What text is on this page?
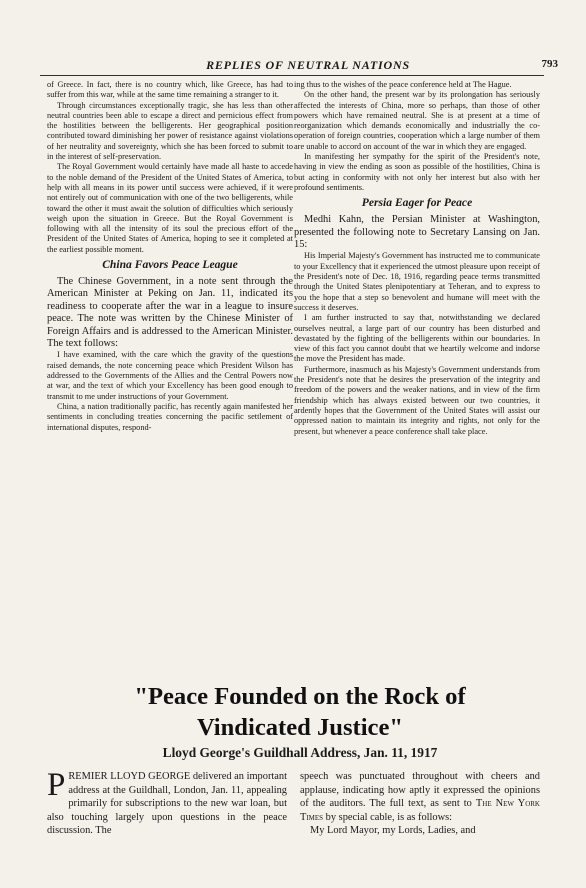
REPLIES OF NEUTRAL NATIONS	793

of Greece. In fact, there is no country which, like Greece, has had to suffer from this war, while at the same time remaining a stranger to it.

Through circumstances exceptionally tragic, she has less than other neutral countries been able to escape a direct and pernicious effect from the hostilities between the belligerents. Her geographical position contributed toward diminishing her power of resistance against violations of her neutrality and sovereignty, which she has been forced to submit to in the interest of self-preservation.

The Royal Government would certainly have made all haste to accede to the noble demand of the President of the United States of America, to help with all means in its power until success were achieved, if it were not entirely out of communication with one of the two belligerents, while toward the other it must await the solution of difficulties which seriously weigh upon the situation in Greece. But the Royal Government is following with all the intensity of its soul the precious effort of the President of the United States of America, hoping to see it completed at the earliest possible moment.

China Favors Peace League

The Chinese Government, in a note sent through the American Minister at Peking on Jan. 11, indicated its readiness to cooperate after the war in a league to insure peace. The note was written by the Chinese Minister of Foreign Affairs and is addressed to the American Minister. The text follows:

I have examined, with the care which the gravity of the questions raised demands, the note concerning peace which President Wilson has addressed to the Governments of the Allies and the Central Powers now at war, and the text of which your Excellency has been good enough to transmit to me under instructions of your Government.

China, a nation traditionally pacific, has recently again manifested her sentiments in concluding treaties concerning the pacific settlement of international disputes, respond-

ing thus to the wishes of the peace conference held at The Hague.

On the other hand, the present war by its prolongation has seriously affected the interests of China, more so perhaps, than those of other powers which have remained neutral. She is at present at a time of reorganization which demands economically and industrially the co-operation of foreign countries, cooperation which a large number of them are unable to accord on account of the war in which they are engaged.

In manifesting her sympathy for the spirit of the President's note, having in view the ending as soon as possible of the hostilities, China is but acting in conformity with not only her interest but also with her profound sentiments.

Persia Eager for Peace

Medhi Kahn, the Persian Minister at Washington, presented the following note to Secretary Lansing on Jan. 15:

His Imperial Majesty's Government has instructed me to communicate to your Excellency that it experienced the utmost pleasure upon receipt of the President's note of Dec. 18, 1916, regarding peace terms transmitted through the United States plenipotentiary at Teheran, and to express to you the hope that a step so benevolent and humane will meet with the success it deserves.

I am further instructed to say that, notwithstanding we declared ourselves neutral, a large part of our country has been disturbed and devastated by the fighting of the belligerents within our boundaries. In view of this fact you cannot doubt that we heartily welcome and indorse the move the President has made.

Furthermore, inasmuch as his Majesty's Government understands from the President's note that he desires the preservation of the integrity and freedom of the powers and the weaker nations, and in view of the firm friendship which has always existed between our two countries, it ardently hopes that the Government of the United States will assist our oppressed nation to maintain its integrity and rights, not only for the present, but whenever a peace conference shall take place.

"Peace Founded on the Rock of
Vindicated Justice"
Lloyd George's Guildhall Address, Jan. 11, 1917
P REMIER LLOYD GEORGE delivered an important address at the Guildhall, London, Jan. 11, appealing primarily for subscriptions to the new war loan, but also touching largely upon questions in the peace discussion. The

speech was punctuated throughout with cheers and applause, indicating how aptly it expressed the opinions of the auditors. The full text, as sent to The New York Times by special cable, is as follows:

My Lord Mayor, my Lords, Ladies, and
